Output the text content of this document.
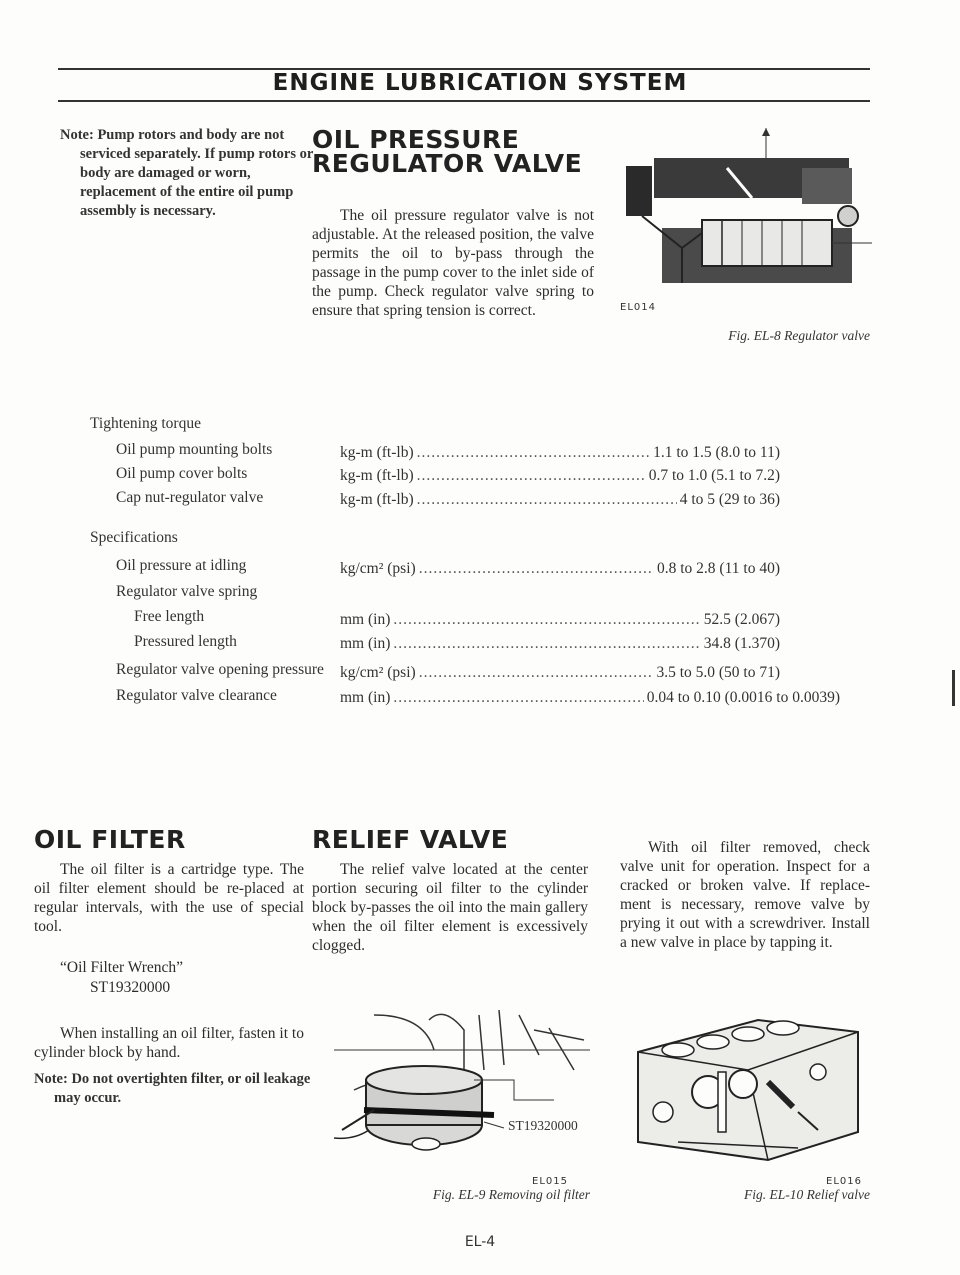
ENGINE LUBRICATION SYSTEM
Note: Pump rotors and body are not serviced separately. If pump rotors or body are damaged or worn, replacement of the entire oil pump assembly is necessary.
OIL PRESSURE
REGULATOR VALVE
The oil pressure regulator valve is not adjustable. At the released position, the valve permits the oil to by-pass through the passage in the pump cover to the inlet side of the pump. Check regulator valve spring to ensure that spring tension is correct.	EL014
Fig. EL-8 Regulator valve
Tightening torque
Oil pump mounting bolts	kg-m (ft-lb) .....	1.1 to 1.5 (8.0 to 11)
Oil pump cover bolts	kg-m (ft-lb) .....	0.7 to 1.0 (5.1 to 7.2)
Cap nut-regulator valve	kg-m (ft-lb) .....	4 to 5 (29 to 36)
Specifications
Oil pressure at idling	kg/cm² (psi) .....	0.8 to 2.8 (11 to 40)
Regulator valve spring
Free length	mm (in) .....	52.5 (2.067)
Pressured length	mm (in) .....	34.8 (1.370)
Regulator valve opening pressure kg/cm² (psi) .....	3.5 to 5.0 (50 to 71)
Regulator valve clearance	mm (in) .....	0.04 to 0.10 (0.0016 to 0.0039)
OIL FILTER
The oil filter is a cartridge type. The oil filter element should be re-placed at regular intervals, with the use of special tool.
“Oil Filter Wrench”
ST19320000
When installing an oil filter, fasten it to cylinder block by hand.
Note: Do not overtighten filter, or oil leakage may occur.
RELIEF VALVE
The relief valve located at the center portion securing oil filter to the cylinder block by-passes the oil into the main gallery when the oil filter element is excessively clogged.
ST19320000
EL015
Fig. EL-9 Removing oil filter
With oil filter removed, check valve unit for operation. Inspect for a cracked or broken valve. If replace-ment is necessary, remove valve by prying it out with a screwdriver. Install a new valve in place by tapping it.
EL016
Fig. EL-10 Relief valve
EL-4
